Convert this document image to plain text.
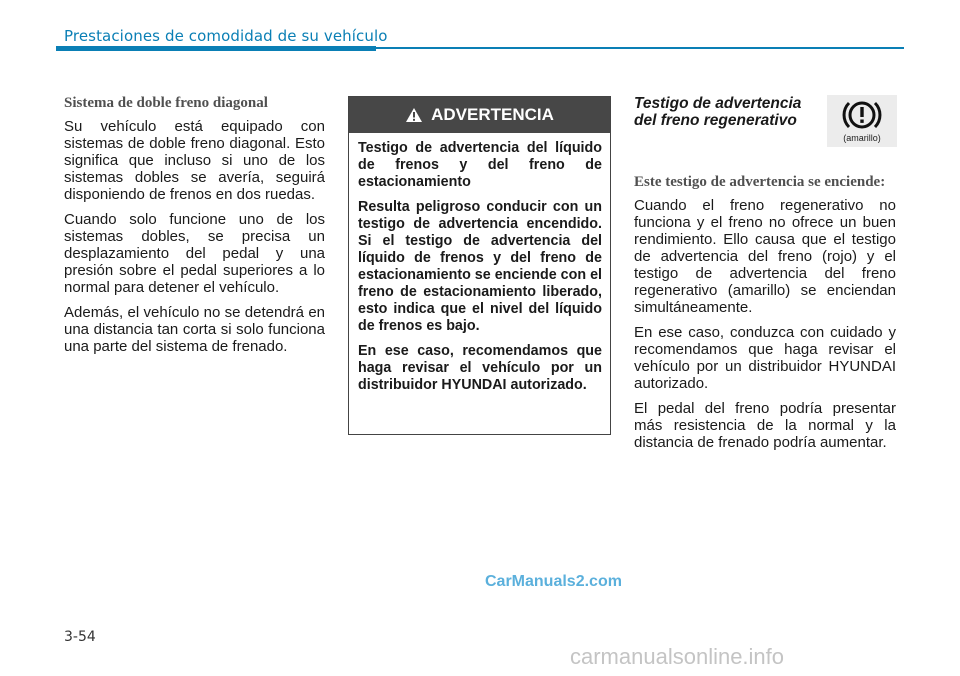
Prestaciones de comodidad de su vehículo
Sistema de doble freno diagonal

Su vehículo está equipado con sistemas de doble freno diagonal. Esto significa que incluso si uno de los sistemas dobles se avería, seguirá disponiendo de frenos en dos ruedas.

Cuando solo funcione uno de los sistemas dobles, se precisa un desplazamiento del pedal y una presión sobre el pedal superiores a lo normal para detener el vehículo.

Además, el vehículo no se detendrá en una distancia tan corta si solo funciona una parte del sistema de frenado.

ADVERTENCIA

Testigo de advertencia del líquido de frenos y del freno de estacionamiento

Resulta peligroso conducir con un testigo de advertencia encendido. Si el testigo de advertencia del líquido de frenos y del freno de estacionamiento se enciende con el freno de estacionamiento liberado, esto indica que el nivel del líquido de frenos es bajo.

En ese caso, recomendamos que haga revisar el vehículo por un distribuidor HYUNDAI autorizado.

Testigo de advertencia del freno regenerativo
(amarillo)
Este testigo de advertencia se enciende:

Cuando el freno regenerativo no funciona y el freno no ofrece un buen rendimiento. Ello causa que el testigo de advertencia del freno (rojo) y el testigo de advertencia del freno regenerativo (amarillo) se enciendan simultáneamente.

En ese caso, conduzca con cuidado y recomendamos que haga revisar el vehículo por un distribuidor HYUNDAI autorizado.

El pedal del freno podría presentar más resistencia de la normal y la distancia de frenado podría aumentar.

CarManuals2.com
3-54
carmanualsonline.info
